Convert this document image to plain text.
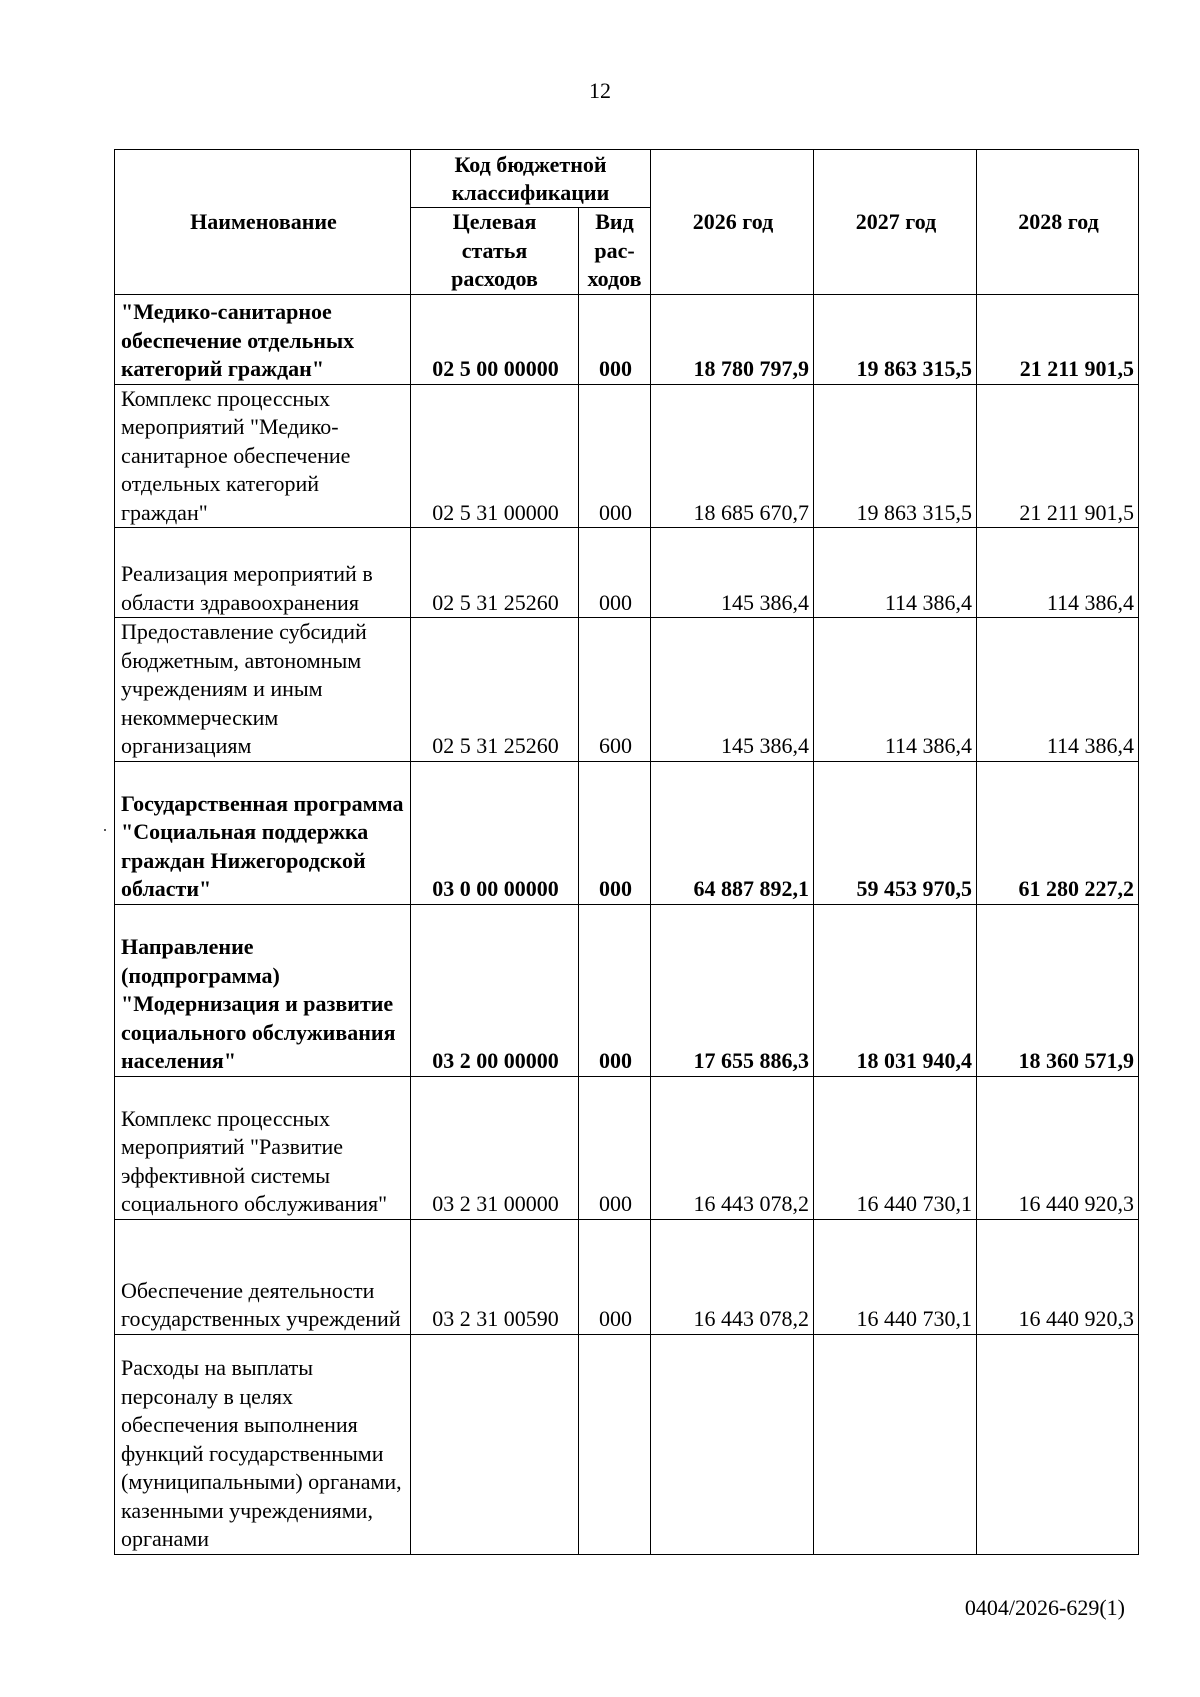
12
Наименование	Код бюджетной классификации		2026 год	2027 год	2028 год
	Целевая статья расходов	Вид рас-ходов			
"Медико-санитарное обеспечение отдельных категорий граждан"	02 5 00 00000	000	18 780 797,9	19 863 315,5	21 211 901,5
Комплекс процессных мероприятий "Медико-санитарное обеспечение отдельных категорий граждан"	02 5 31 00000	000	18 685 670,7	19 863 315,5	21 211 901,5
Реализация мероприятий в области здравоохранения	02 5 31 25260	000	145 386,4	114 386,4	114 386,4
Предоставление субсидий бюджетным, автономным учреждениям и иным некоммерческим организациям	02 5 31 25260	600	145 386,4	114 386,4	114 386,4
Государственная программа "Социальная поддержка граждан Нижегородской области"	03 0 00 00000	000	64 887 892,1	59 453 970,5	61 280 227,2
Направление (подпрограмма) "Модернизация и развитие социального обслуживания населения"	03 2 00 00000	000	17 655 886,3	18 031 940,4	18 360 571,9
Комплекс процессных мероприятий "Развитие эффективной системы социального обслуживания"	03 2 31 00000	000	16 443 078,2	16 440 730,1	16 440 920,3
Обеспечение деятельности государственных учреждений	03 2 31 00590	000	16 443 078,2	16 440 730,1	16 440 920,3
Расходы на выплаты персоналу в целях обеспечения выполнения функций государственными (муниципальными) органами, казенными учреждениями, органами					
0404/2026-629(1)
